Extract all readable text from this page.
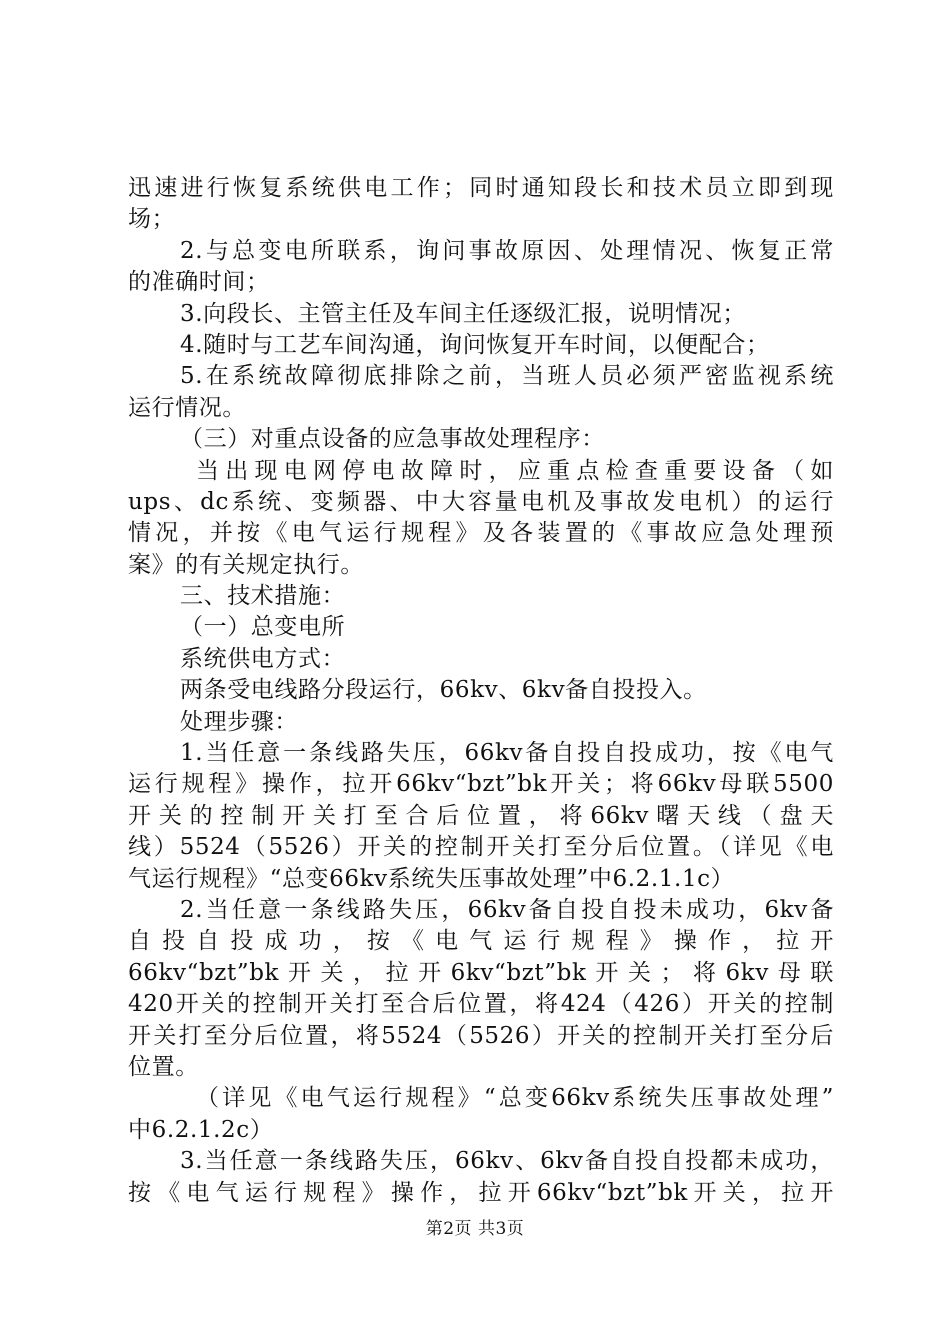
迅速进行恢复系统供电工作；同时通知段长和技术员立即到现
场；
2.与总变电所联系，询问事故原因、处理情况、恢复正常
的准确时间；
3.向段长、主管主任及车间主任逐级汇报，说明情况；
4.随时与工艺车间沟通，询问恢复开车时间，以便配合；
5.在系统故障彻底排除之前，当班人员必须严密监视系统
运行情况。
（三）对重点设备的应急事故处理程序：
当出现电网停电故障时，应重点检查重要设备（如
ups、dc系统、变频器、中大容量电机及事故发电机）的运行
情况，并按《电气运行规程》及各装置的《事故应急处理预
案》的有关规定执行。
三、技术措施：
（一）总变电所
系统供电方式：
两条受电线路分段运行，66kv、6kv备自投投入。
处理步骤：
1.当任意一条线路失压，66kv备自投自投成功，按《电气
运行规程》操作，拉开66kv“bzt”bk开关；将66kv母联5500
开关的控制开关打至合后位置，将66kv曙天线（盘天
线）5524（5526）开关的控制开关打至分后位置。（详见《电
气运行规程》“总变66kv系统失压事故处理”中6.2.1.1c）
2.当任意一条线路失压，66kv备自投自投未成功，6kv备
自投自投成功，按《电气运行规程》操作，拉开
66kv“bzt”bk开关，拉开6kv“bzt”bk开关；将6kv母联
420开关的控制开关打至合后位置，将424（426）开关的控制
开关打至分后位置，将5524（5526）开关的控制开关打至分后
位置。
（详见《电气运行规程》“总变66kv系统失压事故处理”
中6.2.1.2c）
3.当任意一条线路失压，66kv、6kv备自投自投都未成功，
按《电气运行规程》操作，拉开66kv“bzt”bk开关，拉开
第2页 共3页
